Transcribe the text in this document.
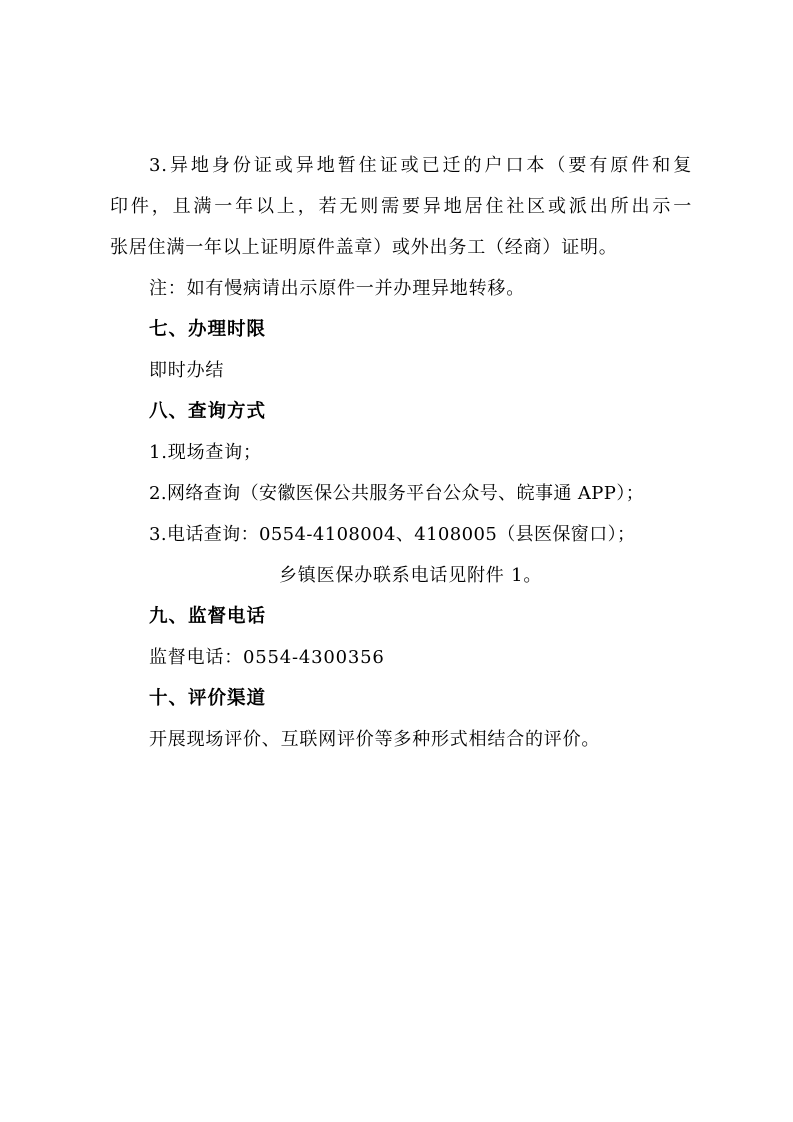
3.异地身份证或异地暂住证或已迁的户口本（要有原件和复
印件，且满一年以上，若无则需要异地居住社区或派出所出示一
张居住满一年以上证明原件盖章）或外出务工（经商）证明。
注：如有慢病请出示原件一并办理异地转移。
七、办理时限
即时办结
八、查询方式
1.现场查询；
2.网络查询（安徽医保公共服务平台公众号、皖事通 APP）；
3.电话查询：0554-4108004、4108005（县医保窗口）；
乡镇医保办联系电话见附件 1。
九、监督电话
监督电话：0554-4300356
十、评价渠道
开展现场评价、互联网评价等多种形式相结合的评价。
